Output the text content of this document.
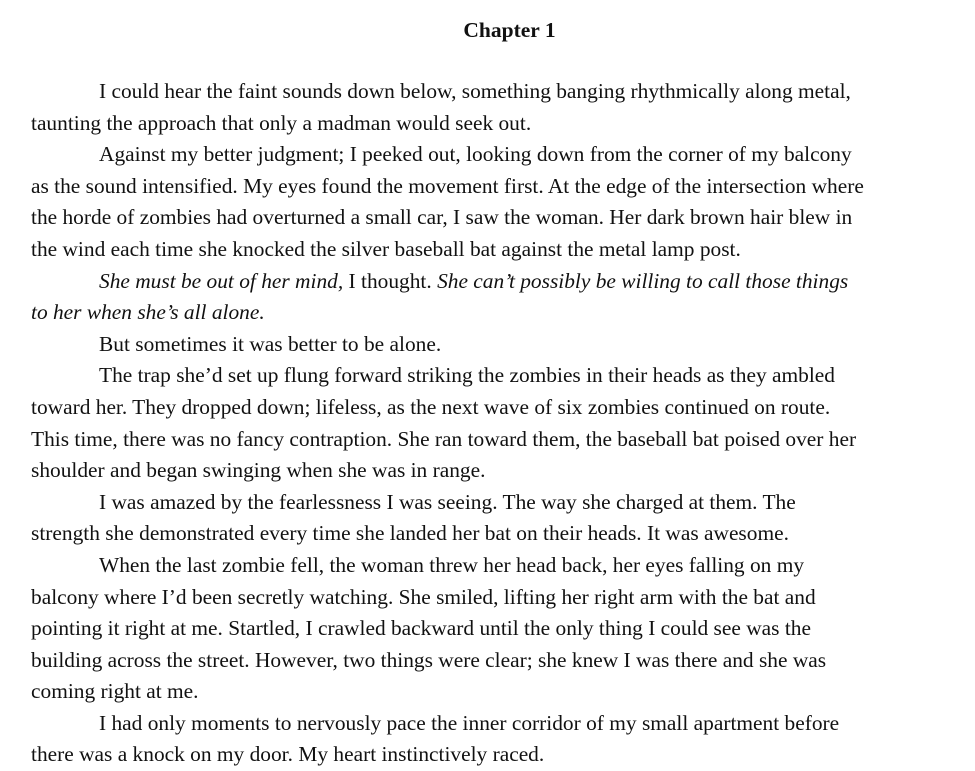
Chapter 1
I could hear the faint sounds down below, something banging rhythmically along metal,
taunting the approach that only a madman would seek out.
Against my better judgment; I peeked out, looking down from the corner of my balcony
as the sound intensified. My eyes found the movement first. At the edge of the intersection where
the horde of zombies had overturned a small car, I saw the woman. Her dark brown hair blew in
the wind each time she knocked the silver baseball bat against the metal lamp post.
She must be out of her mind, I thought. She can’t possibly be willing to call those things
to her when she’s all alone.
But sometimes it was better to be alone.
The trap she’d set up flung forward striking the zombies in their heads as they ambled
toward her. They dropped down; lifeless, as the next wave of six zombies continued on route.
This time, there was no fancy contraption. She ran toward them, the baseball bat poised over her
shoulder and began swinging when she was in range.
I was amazed by the fearlessness I was seeing. The way she charged at them. The
strength she demonstrated every time she landed her bat on their heads. It was awesome.
When the last zombie fell, the woman threw her head back, her eyes falling on my
balcony where I’d been secretly watching. She smiled, lifting her right arm with the bat and
pointing it right at me. Startled, I crawled backward until the only thing I could see was the
building across the street. However, two things were clear; she knew I was there and she was
coming right at me.
I had only moments to nervously pace the inner corridor of my small apartment before
there was a knock on my door. My heart instinctively raced.
